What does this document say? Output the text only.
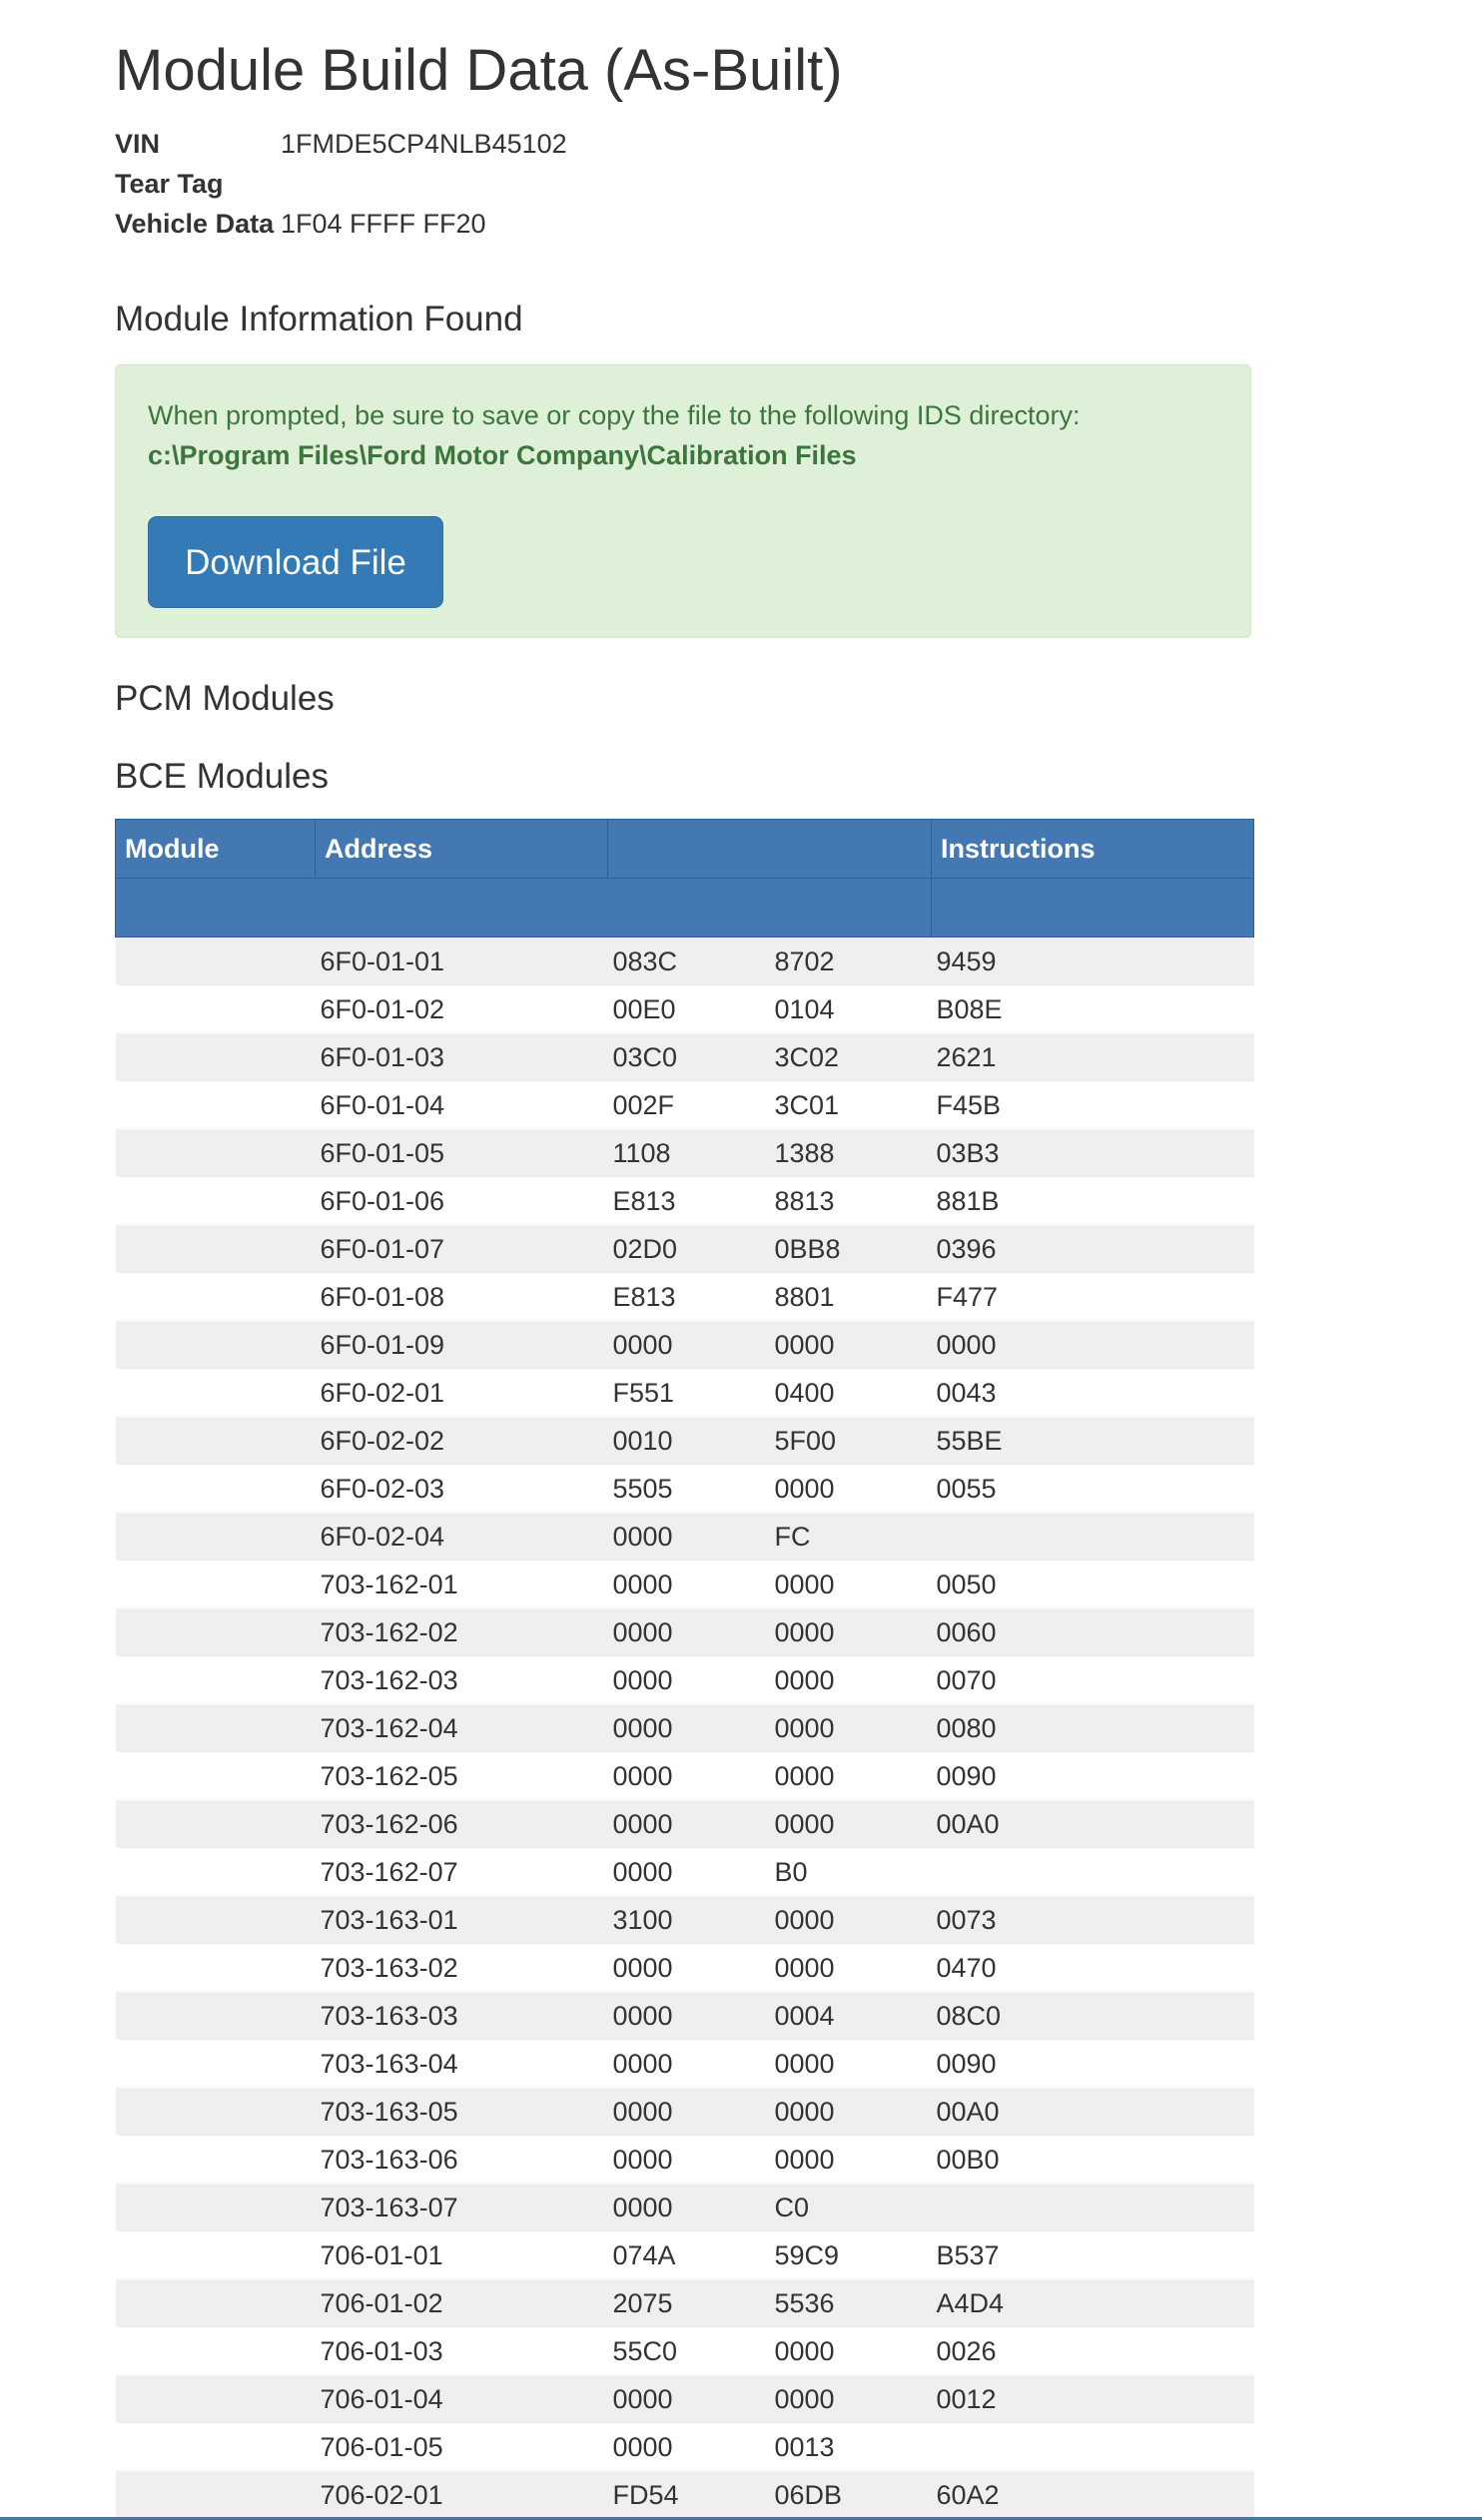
Module Build Data (As-Built)
VIN	1FMDE5CP4NLB45102
Tear Tag
Vehicle Data 1F04 FFFF FF20
Module Information Found
When prompted, be sure to save or copy the file to the following IDS directory:
c:\Program Files\Ford Motor Company\Calibration Files
Download File
PCM Modules
BCE Modules
Module	Address			Instructions

	6F0-01-01	083C	8702	9459
	6F0-01-02	00E0	0104	B08E
	6F0-01-03	03C0	3C02	2621
	6F0-01-04	002F	3C01	F45B
	6F0-01-05	1108	1388	03B3
	6F0-01-06	E813	8813	881B
	6F0-01-07	02D0	0BB8	0396
	6F0-01-08	E813	8801	F477
	6F0-01-09	0000	0000	0000
	6F0-02-01	F551	0400	0043
	6F0-02-02	0010	5F00	55BE
	6F0-02-03	5505	0000	0055
	6F0-02-04	0000	FC	
	703-162-01	0000	0000	0050
	703-162-02	0000	0000	0060
	703-162-03	0000	0000	0070
	703-162-04	0000	0000	0080
	703-162-05	0000	0000	0090
	703-162-06	0000	0000	00A0
	703-162-07	0000	B0	
	703-163-01	3100	0000	0073
	703-163-02	0000	0000	0470
	703-163-03	0000	0004	08C0
	703-163-04	0000	0000	0090
	703-163-05	0000	0000	00A0
	703-163-06	0000	0000	00B0
	703-163-07	0000	C0	
	706-01-01	074A	59C9	B537
	706-01-02	2075	5536	A4D4
	706-01-03	55C0	0000	0026
	706-01-04	0000	0000	0012
	706-01-05	0000	0013	
	706-02-01	FD54	06DB	60A2
